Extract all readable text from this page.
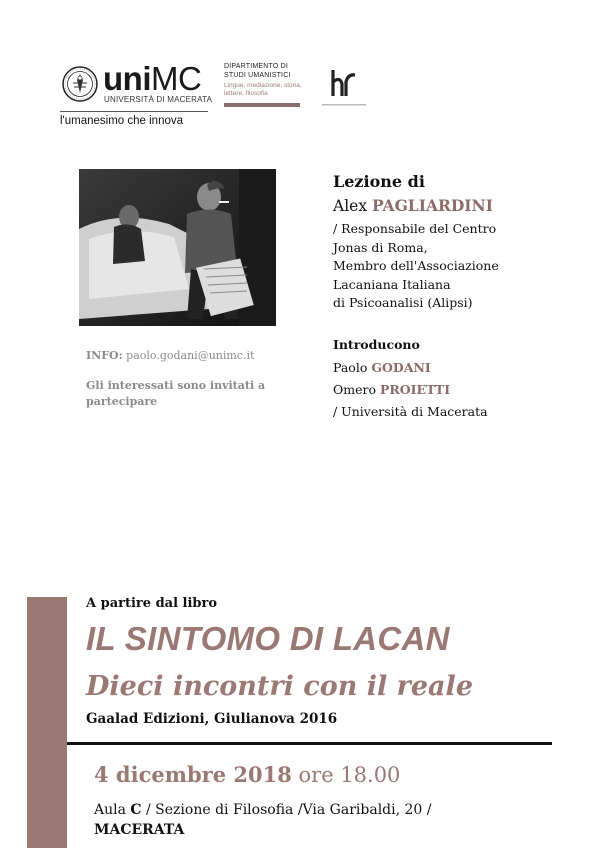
uniMC
UNIVERSITÀ DI MACERATA
l'umanesimo che innova
DIPARTIMENTO DI
STUDI UMANISTICI
Lingue, mediazione, storia, lettere, filosofia
INFO: paolo.godani@unimc.it
Gli interessati sono invitati a partecipare
Lezione di
Alex PAGLIARDINI
/ Responsabile del Centro
Jonas di Roma,
Membro dell'Associazione
Lacaniana Italiana
di Psicoanalisi (Alipsi)
Introducono
Paolo GODANI
Omero PROIETTI
/ Università di Macerata
A partire dal libro
IL SINTOMO DI LACAN
Dieci incontri con il reale
Gaalad Edizioni, Giulianova 2016
4 dicembre 2018 ore 18.00
Aula C / Sezione di Filosofia /Via Garibaldi, 20 /
MACERATA
